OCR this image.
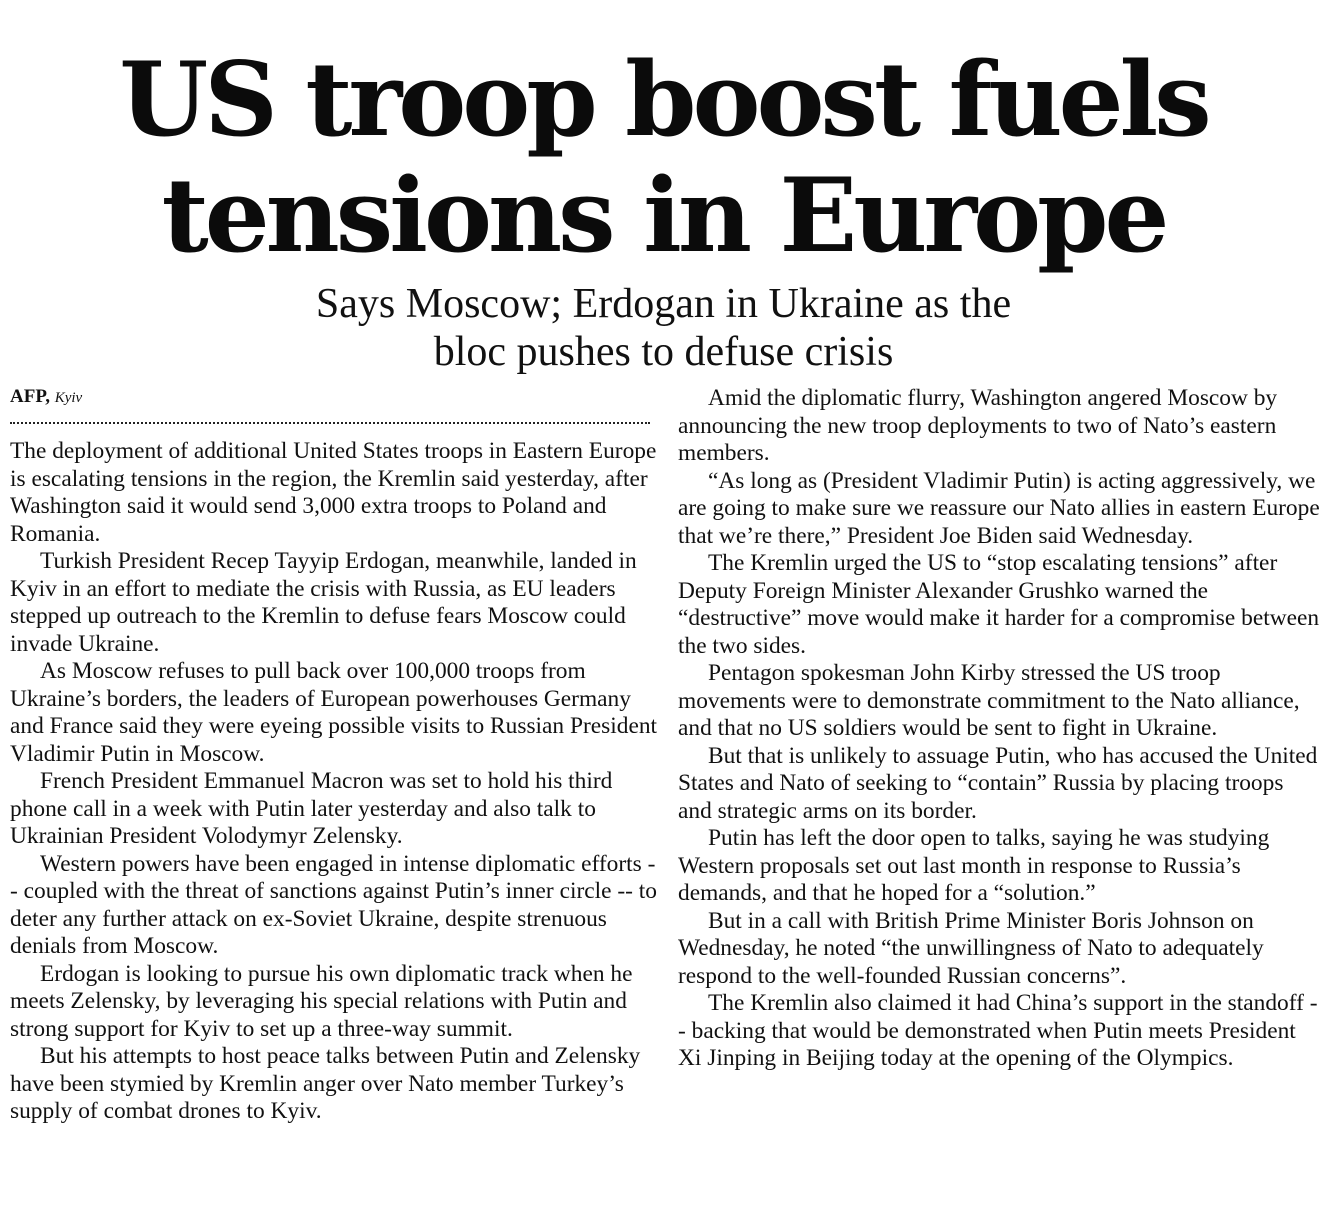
US troop boost fuels
tensions in Europe
Says Moscow; Erdogan in Ukraine as the
bloc pushes to defuse crisis
AFP, Kyiv

The deployment of additional United States troops in Eastern Europe is escalating tensions in the region, the Kremlin said yesterday, after Washington said it would send 3,000 extra troops to Poland and Romania.

Turkish President Recep Tayyip Erdogan, meanwhile, landed in Kyiv in an effort to mediate the crisis with Russia, as EU leaders stepped up outreach to the Kremlin to defuse fears Moscow could invade Ukraine.

As Moscow refuses to pull back over 100,000 troops from Ukraine’s borders, the leaders of European powerhouses Germany and France said they were eyeing possible visits to Russian President Vladimir Putin in Moscow.

French President Emmanuel Macron was set to hold his third phone call in a week with Putin later yesterday and also talk to Ukrainian President Volodymyr Zelensky.

Western powers have been engaged in intense diplomatic efforts -- coupled with the threat of sanctions against Putin’s inner circle -- to deter any further attack on ex-Soviet Ukraine, despite strenuous denials from Moscow.

Erdogan is looking to pursue his own diplomatic track when he meets Zelensky, by leveraging his special relations with Putin and strong support for Kyiv to set up a three-way summit.

But his attempts to host peace talks between Putin and Zelensky have been stymied by Kremlin anger over Nato member Turkey’s supply of combat drones to Kyiv.

Amid the diplomatic flurry, Washington angered Moscow by announcing the new troop deployments to two of Nato’s eastern members.

“As long as (President Vladimir Putin) is acting aggressively, we are going to make sure we reassure our Nato allies in eastern Europe that we’re there,” President Joe Biden said Wednesday.

The Kremlin urged the US to “stop escalating tensions” after Deputy Foreign Minister Alexander Grushko warned the “destructive” move would make it harder for a compromise between the two sides.

Pentagon spokesman John Kirby stressed the US troop movements were to demonstrate commitment to the Nato alliance, and that no US soldiers would be sent to fight in Ukraine.

But that is unlikely to assuage Putin, who has accused the United States and Nato of seeking to “contain” Russia by placing troops and strategic arms on its border.

Putin has left the door open to talks, saying he was studying Western proposals set out last month in response to Russia’s demands, and that he hoped for a “solution.”

But in a call with British Prime Minister Boris Johnson on Wednesday, he noted “the unwillingness of Nato to adequately respond to the well-founded Russian concerns”.

The Kremlin also claimed it had China’s support in the standoff -- backing that would be demonstrated when Putin meets President Xi Jinping in Beijing today at the opening of the Olympics.
